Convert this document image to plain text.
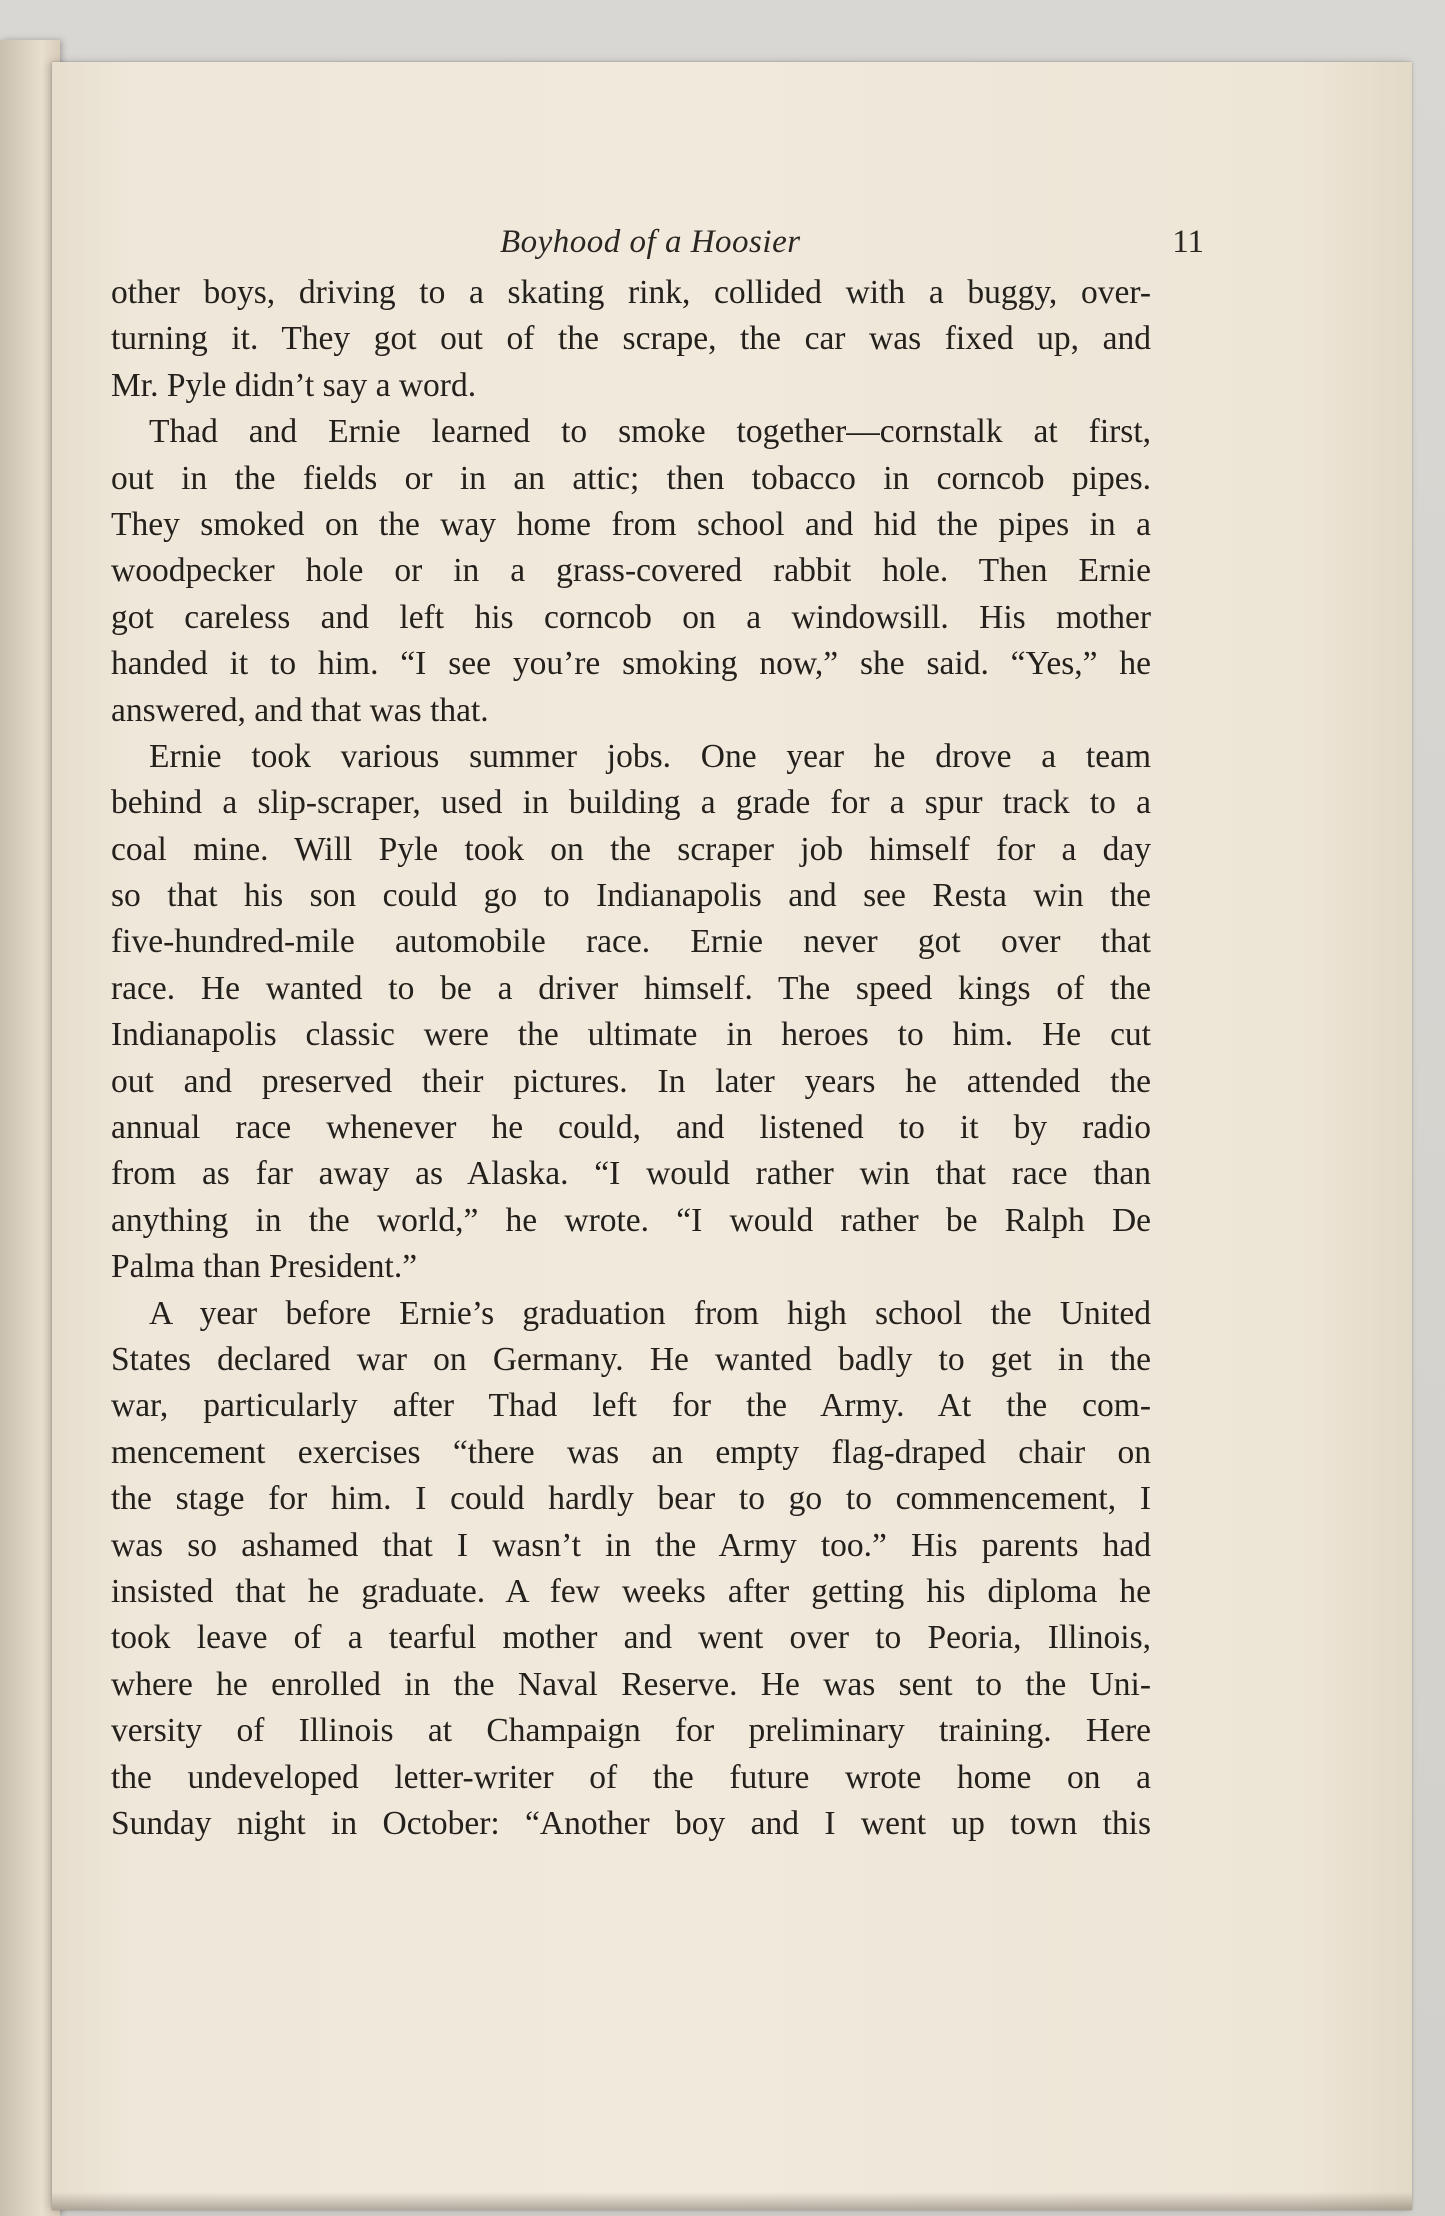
Boyhood of a Hoosier	11
other boys, driving to a skating rink, collided with a buggy, over-
turning it. They got out of the scrape, the car was fixed up, and
Mr. Pyle didn’t say a word.
Thad and Ernie learned to smoke together—cornstalk at first,
out in the fields or in an attic; then tobacco in corncob pipes.
They smoked on the way home from school and hid the pipes in a
woodpecker hole or in a grass-covered rabbit hole. Then Ernie
got careless and left his corncob on a windowsill. His mother
handed it to him. “I see you’re smoking now,” she said. “Yes,” he
answered, and that was that.
Ernie took various summer jobs. One year he drove a team
behind a slip-scraper, used in building a grade for a spur track to a
coal mine. Will Pyle took on the scraper job himself for a day
so that his son could go to Indianapolis and see Resta win the
five-hundred-mile automobile race. Ernie never got over that
race. He wanted to be a driver himself. The speed kings of the
Indianapolis classic were the ultimate in heroes to him. He cut
out and preserved their pictures. In later years he attended the
annual race whenever he could, and listened to it by radio
from as far away as Alaska. “I would rather win that race than
anything in the world,” he wrote. “I would rather be Ralph De
Palma than President.”
A year before Ernie’s graduation from high school the United
States declared war on Germany. He wanted badly to get in the
war, particularly after Thad left for the Army. At the com-
mencement exercises “there was an empty flag-draped chair on
the stage for him. I could hardly bear to go to commencement, I
was so ashamed that I wasn’t in the Army too.” His parents had
insisted that he graduate. A few weeks after getting his diploma he
took leave of a tearful mother and went over to Peoria, Illinois,
where he enrolled in the Naval Reserve. He was sent to the Uni-
versity of Illinois at Champaign for preliminary training. Here
the undeveloped letter-writer of the future wrote home on a
Sunday night in October: “Another boy and I went up town this
